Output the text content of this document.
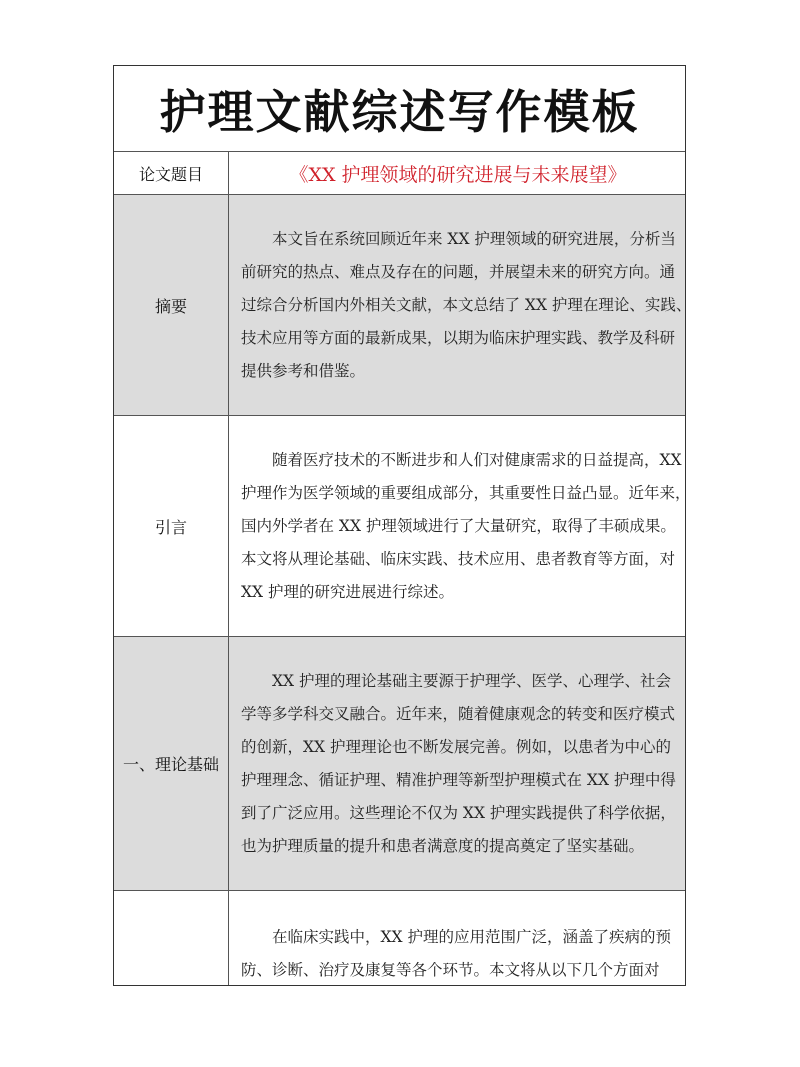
护理文献综述写作模板
论文题目	《XX 护理领域的研究进展与未来展望》
摘要
　　本文旨在系统回顾近年来 XX 护理领域的研究进展，分析当
前研究的热点、难点及存在的问题，并展望未来的研究方向。通
过综合分析国内外相关文献，本文总结了 XX 护理在理论、实践、
技术应用等方面的最新成果，以期为临床护理实践、教学及科研
提供参考和借鉴。
引言
　　随着医疗技术的不断进步和人们对健康需求的日益提高，XX
护理作为医学领域的重要组成部分，其重要性日益凸显。近年来，
国内外学者在 XX 护理领域进行了大量研究，取得了丰硕成果。
本文将从理论基础、临床实践、技术应用、患者教育等方面，对
XX 护理的研究进展进行综述。
一、理论基础
　　XX 护理的理论基础主要源于护理学、医学、心理学、社会
学等多学科交叉融合。近年来，随着健康观念的转变和医疗模式
的创新，XX 护理理论也不断发展完善。例如，以患者为中心的
护理理念、循证护理、精准护理等新型护理模式在 XX 护理中得
到了广泛应用。这些理论不仅为 XX 护理实践提供了科学依据，
也为护理质量的提升和患者满意度的提高奠定了坚实基础。
　　在临床实践中，XX 护理的应用范围广泛，涵盖了疾病的预
防、诊断、治疗及康复等各个环节。本文将从以下几个方面对
